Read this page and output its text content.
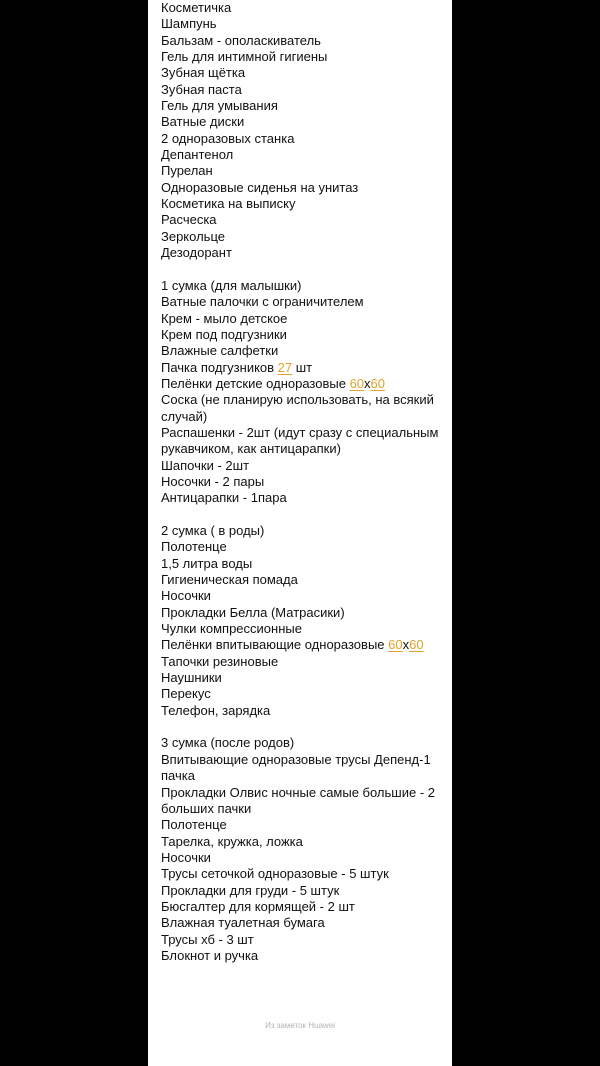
Косметичка
Шампунь
Бальзам - ополаскиватель
Гель для интимной гигиены
Зубная щётка
Зубная паста
Гель для умывания
Ватные диски
2 одноразовых станка
Депантенол
Пурелан
Одноразовые сиденья на унитаз
Косметика на выписку
Расческа
Зеркольце
Дезодорант
1 сумка (для малышки)
Ватные палочки с ограничителем
Крем - мыло детское
Крем под подгузники
Влажные салфетки
Пачка подгузников 27 шт
Пелёнки детские одноразовые 60x60
Соска (не планирую использовать, на всякий
случай)
Распашенки - 2шт (идут сразу с специальным
рукавчиком, как антицарапки)
Шапочки - 2шт
Носочки - 2 пары
Антицарапки - 1пара
2 сумка ( в роды)
Полотенце
1,5 литра воды
Гигиеническая помада
Носочки
Прокладки Белла (Матрасики)
Чулки компрессионные
Пелёнки впитывающие одноразовые 60x60
Тапочки резиновые
Наушники
Перекус
Телефон, зарядка
3 сумка (после родов)
Впитывающие одноразовые трусы Депенд-1
пачка
Прокладки Олвис ночные самые большие - 2
больших пачки
Полотенце
Тарелка, кружка, ложка
Носочки
Трусы сеточкой одноразовые - 5 штук
Прокладки для груди - 5 штук
Бюсгалтер для кормящей - 2 шт
Влажная туалетная бумага
Трусы хб - 3 шт
Блокнот и ручка
Из заметок Huawei
